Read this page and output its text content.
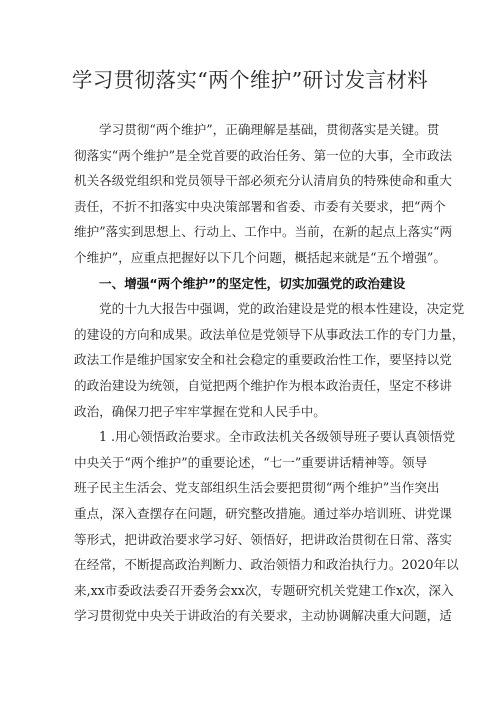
学习贯彻落实“两个维护”研讨发言材料
学习贯彻“两个维护”，正确理解是基础，贯彻落实是关键。贯
彻落实“两个维护”是全党首要的政治任务、第一位的大事，全市政法
机关各级党组织和党员领导干部必须充分认清肩负的特殊使命和重大
责任，不折不扣落实中央决策部署和省委、市委有关要求，把“两个
维护”落实到思想上、行动上、工作中。当前，在新的起点上落实“两
个维护”，应重点把握好以下几个问题，概括起来就是“五个增强”。
一、增强“两个维护”的坚定性，切实加强党的政治建设
党的十九大报告中强调，党的政治建设是党的根本性建设，决定党
的建设的方向和成果。政法单位是党领导下从事政法工作的专门力量，
政法工作是维护国家安全和社会稳定的重要政治性工作，要坚持以党
的政治建设为统领，自觉把两个维护作为根本政治责任，坚定不移讲
政治，确保刀把子牢牢掌握在党和人民手中。
1 .用心领悟政治要求。全市政法机关各级领导班子要认真领悟党
中央关于“两个维护”的重要论述，“七一”重要讲话精神等。领导
班子民主生活会、党支部组织生活会要把贯彻“两个维护”当作突出
重点，深入查摆存在问题，研究整改措施。通过举办培训班、讲党课
等形式，把讲政治要求学习好、领悟好，把讲政治贯彻在日常、落实
在经常，不断提高政治判断力、政治领悟力和政治执行力。2020年以
来,xx市委政法委召开委务会xx次，专题研究机关党建工作x次，深入
学习贯彻党中央关于讲政治的有关要求，主动协调解决重大问题，适
